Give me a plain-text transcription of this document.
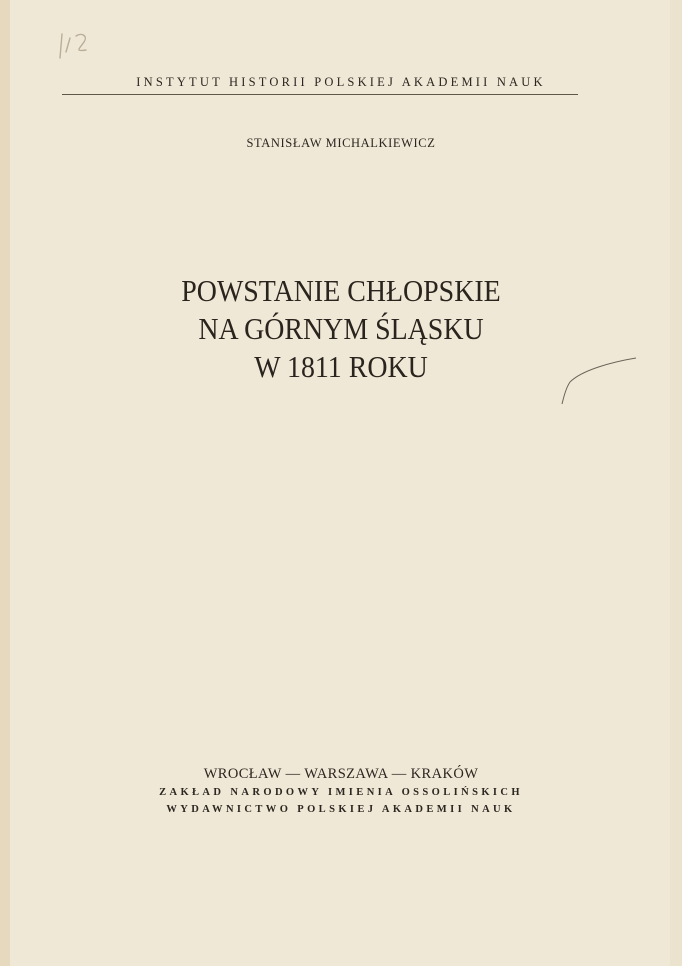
INSTYTUT HISTORII POLSKIEJ AKADEMII NAUK
STANISŁAW MICHALKIEWICZ
POWSTANIE CHŁOPSKIE
NA GÓRNYM ŚLĄSKU
W 1811 ROKU
WROCŁAW — WARSZAWA — KRAKÓW
ZAKŁAD NARODOWY IMIENIA OSSOLIŃSKICH
WYDAWNICTWO POLSKIEJ AKADEMII NAUK
